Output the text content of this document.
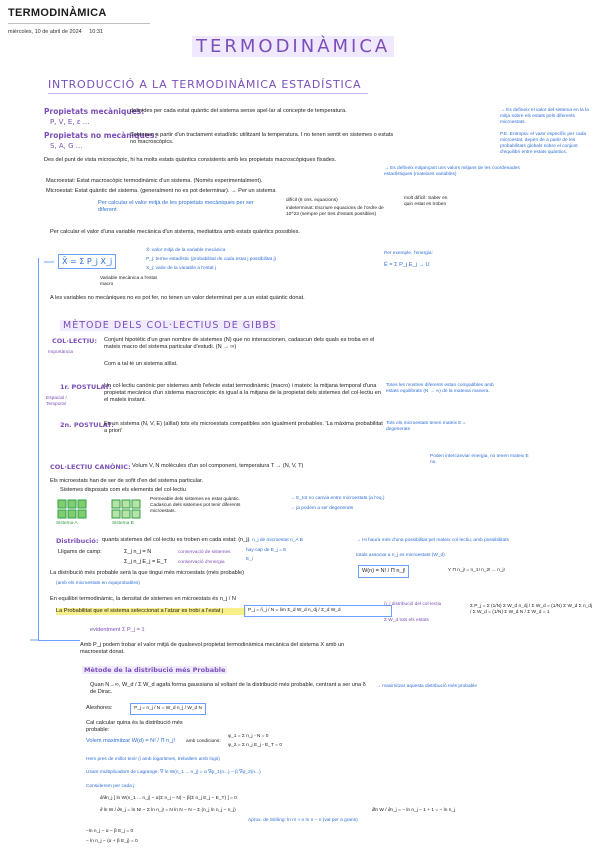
TERMODINÀMICA
miércoles, 10 de abril de 2024 10:31
TERMODINÀMICA
INTRODUCCIÓ A LA TERMODINÀMICA ESTADÍSTICA
Propietats mecàniques:
P, V, E, ε ...
definides per cada estat quàntic del sistema sense apel·lar al concepte de temperatura.	→ Es defineix el valor del sistema en la la mitja sobre els estats pels diferents microestats.
Propietats no mecàniques:
S, A, G ...
Sobtenen a partir d'un tractament estadístic utilitzant la temperatura. I no tenen sentit en sistemes o estats no macroscòpics.
P.E. Entropia: el valor específic per cada microestat, depèn de a partir de les probabilitats globals sobre el conjunt d'equilibri entre estats quàntics.
Des del punt de vista microscòpic, hi ha molts estats quàntics consistents amb les propietats macroscòpiques fixades.
Macroestat: Estat macroscòpic termodinàmic d'un sistema. (Només experimentalment).
→ Es defineix mitjançant uns valors mitjans de les coordenades estadístiques (mateixes variables)
Microestat: Estat quàntic del sistema. (generalment no es pot determinar). → Per un sistema
difícil (6 ons. equacions)
indeterminat: Escriure equacions de l'ordre de 10^23 (sempre per tres d'estats possibles)
molt difícil: Saber en quin estat es troben
Per calcular el valor mitjà de les propietats mecàniques per ser diferent
Per calcular el valor d'una variable mecànica d'un sistema, mediatitza amb estats quàntics possibles.
X̄ = Σ P_j X_j
X̄: valor mitjà de la variable mecànica
P_j: terme estadístic (probabilitat de cada estat j possibilitat j)
X_j: valor de la variable a l'estat j
Per exemple, l'energia:
Ē = Σ P_j E_j → U
Variable mecànica a l'estat macro
A les variables no mecàniques no es pot fer, no tenen un valor determinat per a un estat quàntic donat.
MÈTODE DELS COL·LECTIUS DE GIBBS
COL·LECTIU:
Importància
Conjunt hipotètic d'un gran nombre de sistemes (N) que no interaccionen, cadascun dels quals es troba en el mateix macro del sistema particular d'estudi. (N → ∞)
Com a tal té un sistema aïllat.
1r. POSTULAT:
Espacial / Temporal
Un col·lectiu canònic per sistemes amb l'efecte estat termodinàmic (macro) i mateix: la mitjana temporal d'una propietat mecànica d'un sistema macroscòpic és igual a la mitjana de la propietat dels sistemes del col·lectiu en el mateix instant.
Totes les mostres diferents estan compatibles amb estats equilibrats (N → ∞) de la mateixa manera.
2n. POSTULAT:
En un sistema (N, V, E) (aïllat) tots els microestats compatibles són igualment probables. 'La màxima probabilitat a priori'
Tots els microestats tenen mateix E = degenerats
COL·LECTIU CANÒNIC: Volum V, N molècules d'un sol component, temperatura T → (N, V, T)
Poden intercanviar energia, no tenen mateix E no.
Els microestats han de ser de sofit d'en del sistema particular.
Sistemes disposats com els elements del col·lectiu
Sistema A	Sistema B
Permeable dels sistemes en estat quàntic. Cadascun dels sistemes pot tenir diferents microestats.
→ E_tot no canvia entre microestats (a l'eq.)
→ ja podem a ser degenerats
Distribució: quants sistemes del col·lectiu es troben en cada estat: (n_j)
Lligams de camp:	Σ_j n_j = N
Σ_j n_j E_j = E_T
conservació de sistemes
conservació d'energia
→ n_j de microestat n_A B
hay cap de E_j = E
E_i
→ Hi haurà més d'una possibilitat pel mateix col·lectiu, amb possibilitats
totals associat a n_j es microestats (W_d)
La distribució més probable serà la que tingui més microestats (més probable)
(amb els microestats en equiprobables)
W(n) = N! / Π n_j!	Y Π n_j! = n_1! n_2! ... n_j!
En equilibri termodinàmic, la densitat de sistemes en microestats és n_j / N
La Probabilitat que el sistema seleccionat a l'atzar es trobi a l'estat j	P_j = n̄_j / N = lim Σ_d W_d n_dj / Σ_d W_d
n̄_j distribució del col·lectiu
Σ W_d tots els estats
Σ P_j = Σ (1/N) Σ W_d n_dj / Σ W_d = (1/N) Σ W_d Σ n_dj / Σ W_d = (1/N) Σ W_d N / Σ W_d = 1
evidentment Σ P_j = 1
Amb P_j podem trobar el valor mitjà de qualsevol propietat termodinàmica mecànica del sistema X amb un macroestat donat.
Mètode de la distribució més Probable
Quan N→∞, W_d / Σ W_d agafa forma gaussiana al voltant de la distribució més probable, centrant a ser una δ de Dirac.
→ maximitzar aquesta distribució més probable
Aleshores:	P_j = n_j / N = W_d n_j / W_d N
Cal calcular quina és la distribució més probable:
Volem maximitzar W(d) = N! / Π n_j! amb condicions:
φ_1 = Σ n_j - N = 0
φ_2 = Σ n_j E_j - E_T = 0
Hem pres de millor tenir (i amb logaritmes, treballem amb logs)
Usant multiplicadors de Lagrange: ∇ ln W(n_1 ... n_j) = α ∇φ_1(n...) − β ∇φ_2(n...)
Considerem per cada j:
∂/∂n_j [ ln W(n_1 ... n_j) − α(Σ n_j − N) − β(Σ n_j E_j − E_T) ] = 0
∂ ln W / ∂n_j = ln N! − Σ ln n_j! = N ln N − N − Σ (n_j ln n_j − n_j)
Aprox. de Stirling: ln n! ≈ n ln n − n (val per a grans)
∂ln W / ∂n_j = − ln n_j − 1 + 1 = − ln n_j
−ln n_j − α − β E_j = 0
− ln n_j − (α + β E_j) = 0
